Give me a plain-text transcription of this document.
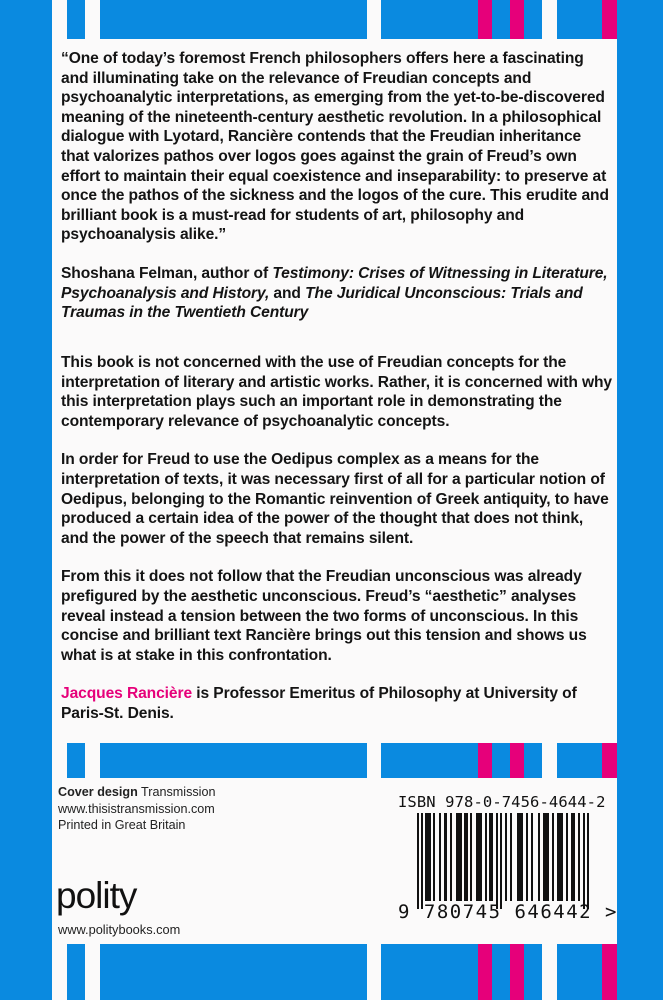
“One of today’s foremost French philosophers offers here a fascinating and illuminating take on the relevance of Freudian concepts and psychoanalytic interpretations, as emerging from the yet-to-be-discovered meaning of the nineteenth-century aesthetic revolution. In a philosophical dialogue with Lyotard, Rancière contends that the Freudian inheritance that valorizes pathos over logos goes against the grain of Freud’s own effort to maintain their equal coexistence and inseparability: to preserve at once the pathos of the sickness and the logos of the cure. This erudite and brilliant book is a must-read for students of art, philosophy and psychoanalysis alike.”

Shoshana Felman, author of Testimony: Crises of Witnessing in Literature, Psychoanalysis and History, and The Juridical Unconscious: Trials and Traumas in the Twentieth Century

This book is not concerned with the use of Freudian concepts for the interpretation of literary and artistic works. Rather, it is concerned with why this interpretation plays such an important role in demonstrating the contemporary relevance of psychoanalytic concepts.

In order for Freud to use the Oedipus complex as a means for the interpretation of texts, it was necessary first of all for a particular notion of Oedipus, belonging to the Romantic reinvention of Greek antiquity, to have produced a certain idea of the power of the thought that does not think, and the power of the speech that remains silent.

From this it does not follow that the Freudian unconscious was already prefigured by the aesthetic unconscious. Freud’s “aesthetic” analyses reveal instead a tension between the two forms of unconscious. In this concise and brilliant text Rancière brings out this tension and shows us what is at stake in this confrontation.

Jacques Rancière is Professor Emeritus of Philosophy at University of Paris-St. Denis.

Cover design Transmission
www.thisistransmission.com
Printed in Great Britain
polity
www.politybooks.com
ISBN 978-0-7456-4644-2
9 780745 646442 >
